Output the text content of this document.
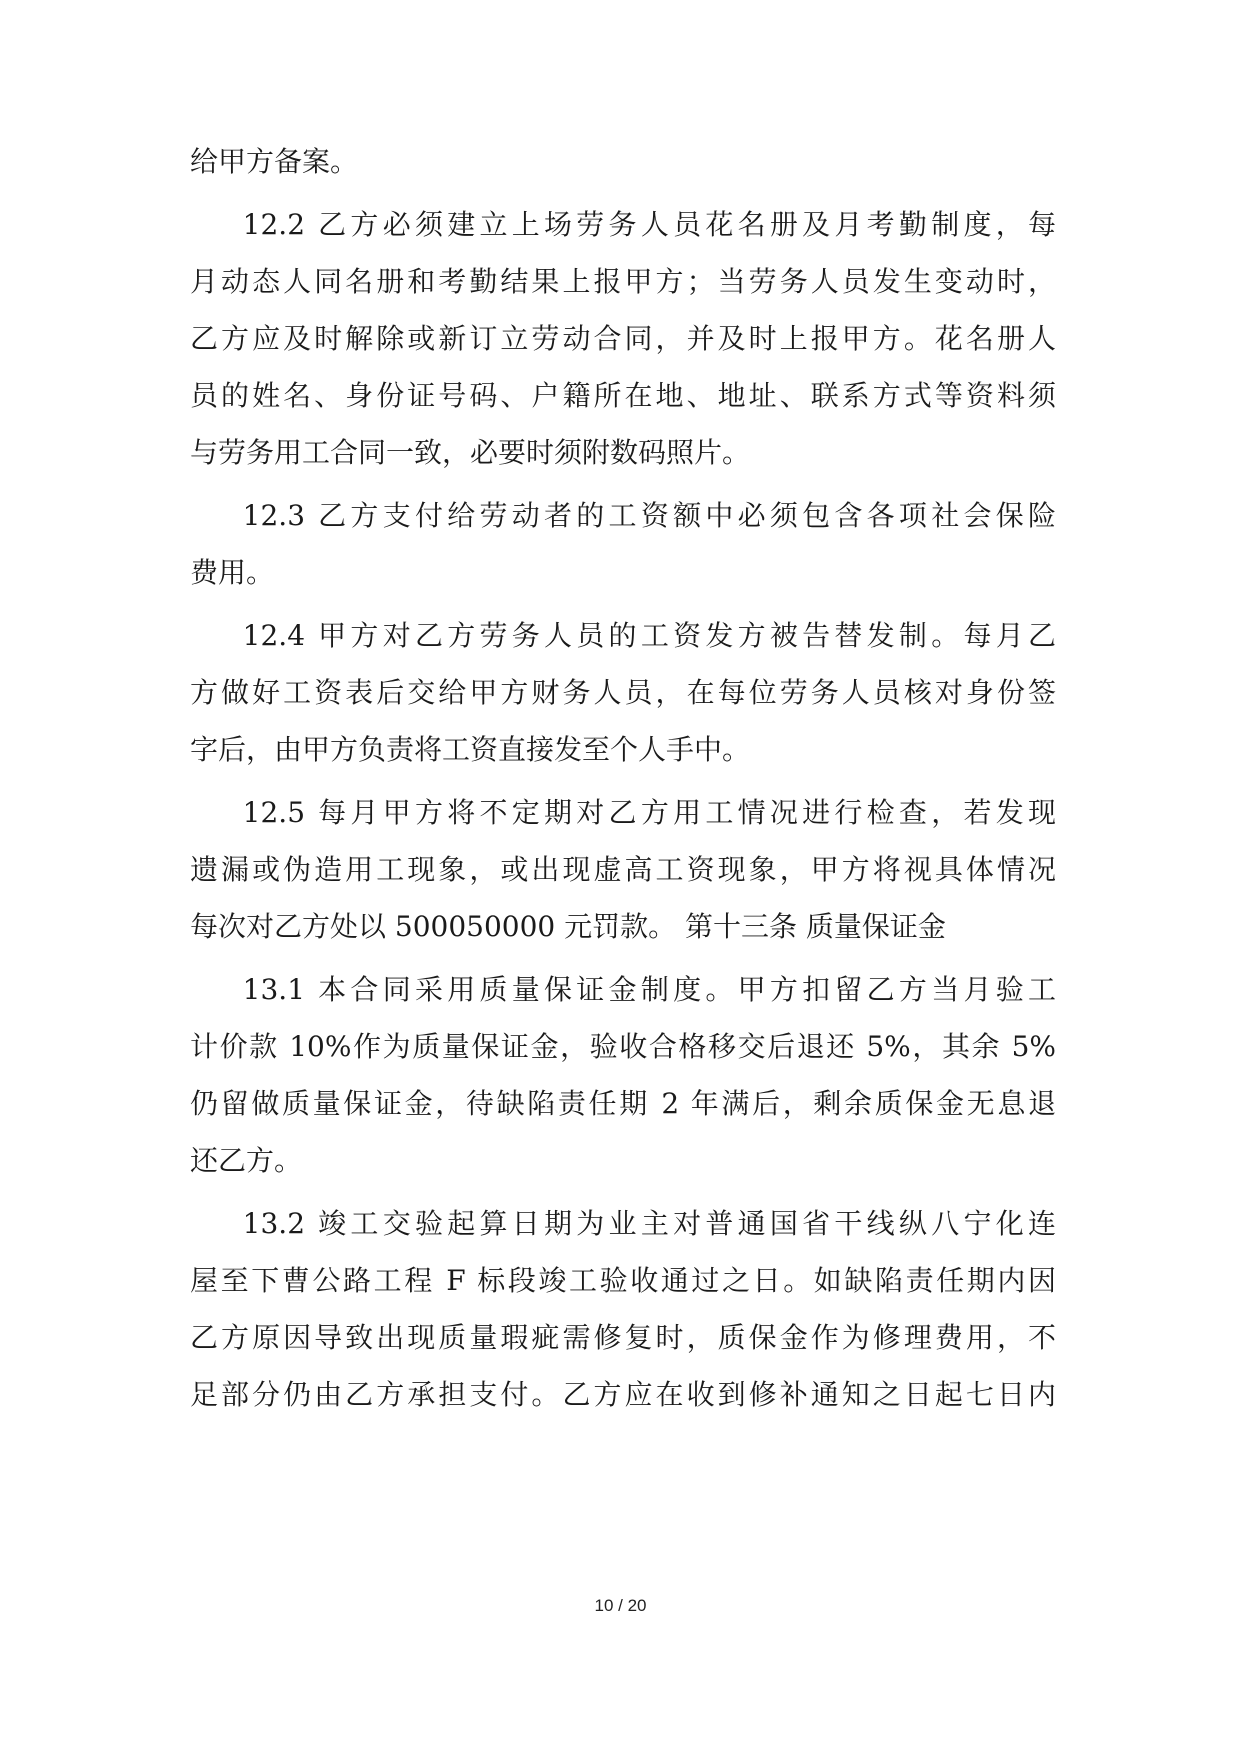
给甲方备案。
12.2 乙方必须建立上场劳务人员花名册及月考勤制度，每
月动态人同名册和考勤结果上报甲方；当劳务人员发生变动时，
乙方应及时解除或新订立劳动合同，并及时上报甲方。花名册人
员的姓名、身份证号码、户籍所在地、地址、联系方式等资料须
与劳务用工合同一致，必要时须附数码照片。
12.3 乙方支付给劳动者的工资额中必须包含各项社会保险
费用。
12.4 甲方对乙方劳务人员的工资发方被告替发制。每月乙
方做好工资表后交给甲方财务人员，在每位劳务人员核对身份签
字后，由甲方负责将工资直接发至个人手中。
12.5 每月甲方将不定期对乙方用工情况进行检查，若发现
遗漏或伪造用工现象，或出现虚高工资现象，甲方将视具体情况
每次对乙方处以 500050000 元罚款。 第十三条 质量保证金
13.1 本合同采用质量保证金制度。甲方扣留乙方当月验工
计价款 10%作为质量保证金，验收合格移交后退还 5%，其余 5%
仍留做质量保证金，待缺陷责任期 2 年满后，剩余质保金无息退
还乙方。
13.2 竣工交验起算日期为业主对普通国省干线纵八宁化连
屋至下曹公路工程 F 标段竣工验收通过之日。如缺陷责任期内因
乙方原因导致出现质量瑕疵需修复时，质保金作为修理费用，不
足部分仍由乙方承担支付。乙方应在收到修补通知之日起七日内
10 / 20
